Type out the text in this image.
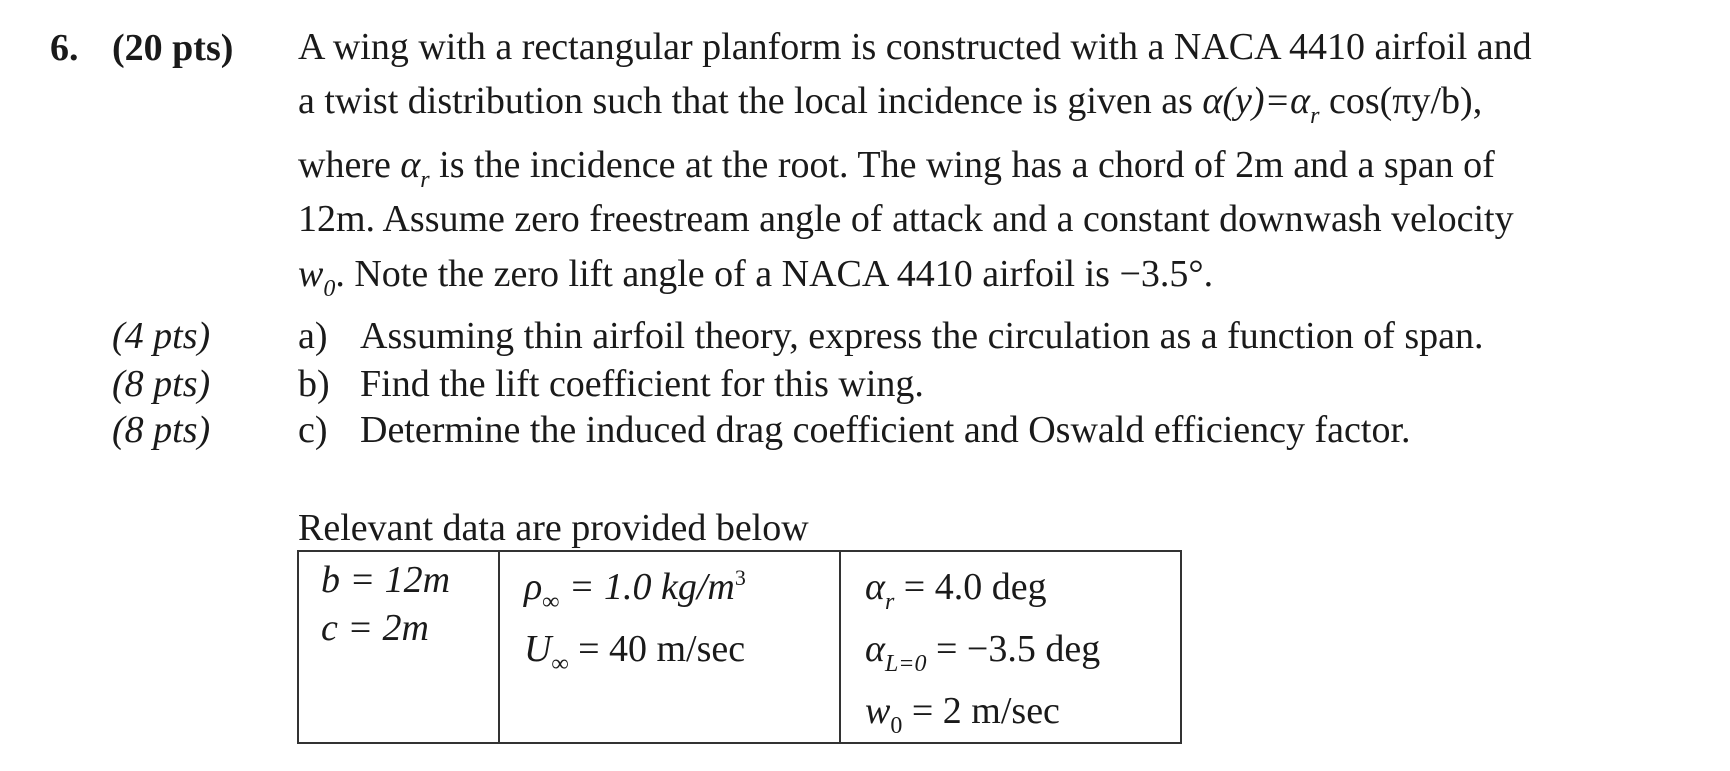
6. (20 pts) A wing with a rectangular planform is constructed with a NACA 4410 airfoil and
a twist distribution such that the local incidence is given as $\alpha(y)=\alpha_r$ cos(πy/b),
where $\alpha_r$ is the incidence at the root. The wing has a chord of 2m and a span of
12m. Assume zero freestream angle of attack and a constant downwash velocity
$w_0$. Note the zero lift angle of a NACA 4410 airfoil is −3.5°.
(4 pts) a) Assuming thin airfoil theory, express the circulation as a function of span.
(8 pts) b) Find the lift coefficient for this wing.
(8 pts) c) Determine the induced drag coefficient and Oswald efficiency factor.
Relevant data are provided below
b = 12m
c = 2m

$\rho_\infty = 1.0$ $kg/m^3$
$U_\infty = 40$ m/sec

$\alpha_r = 4.0$ deg
$\alpha_{L=0} = -3.5$ deg
$w_0 = 2$ m/sec
